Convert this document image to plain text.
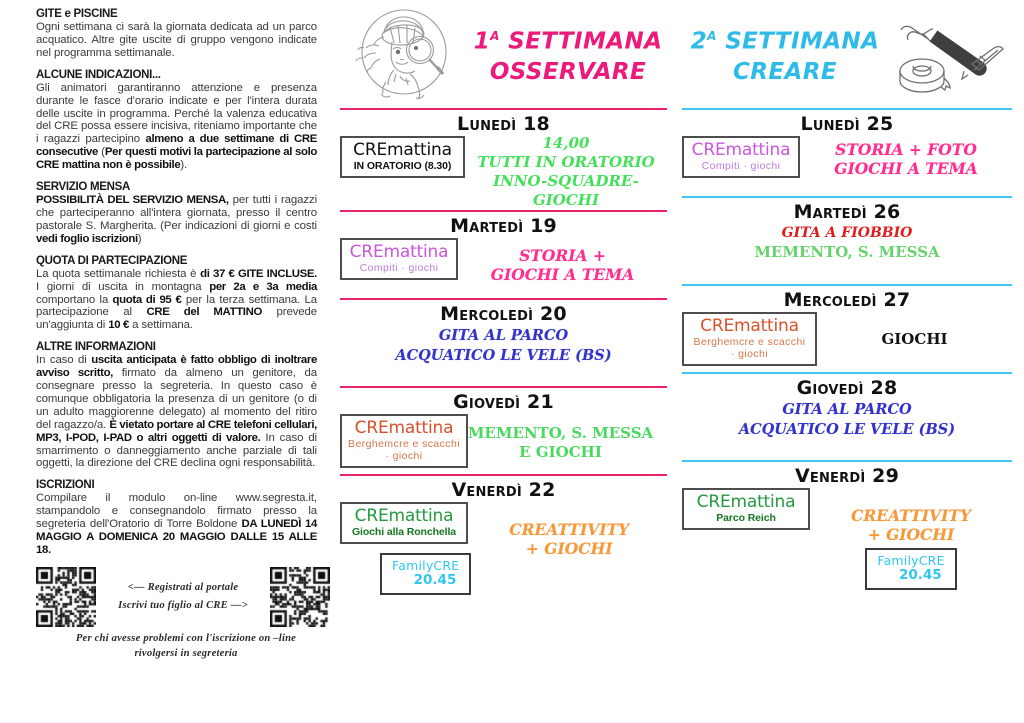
GITE e PISCINE
Ogni settimana ci sarà la giornata dedicata ad un parco acquatico. Altre gite uscite di gruppo vengono indicate nel programma settimanale.
ALCUNE INDICAZIONI...
Gli animatori garantiranno attenzione e presenza durante le fasce d'orario indicate e per l'intera durata delle uscite in programma. Perché la valenza educativa del CRE possa essere incisiva, riteniamo importante che i ragazzi partecipino almeno a due settimane di CRE consecutive (Per questi motivi la partecipazione al solo CRE mattina non è possibile).
SERVIZIO MENSA
POSSIBILITÀ DEL SERVIZIO MENSA, per tutti i ragazzi che parteciperanno all'intera giornata, presso il centro pastorale S. Margherita. (Per indicazioni di giorni e costi vedi foglio iscrizioni)
QUOTA DI PARTECIPAZIONE
La quota settimanale richiesta è di 37 € GITE INCLUSE. I giorni di uscita in montagna per 2a e 3a media comportano la quota di 95 € per la terza settimana. La partecipazione al CRE del MATTINO prevede un'aggiunta di 10 € a settimana.
ALTRE INFORMAZIONI
In caso di uscita anticipata è fatto obbligo di inoltrare avviso scritto, firmato da almeno un genitore, da consegnare presso la segreteria. In questo caso è comunque obbligatoria la presenza di un genitore (o di un adulto maggiorenne delegato) al momento del ritiro del ragazzo/a. È vietato portare al CRE telefoni cellulari, MP3, I-POD, I-PAD o altri oggetti di valore. In caso di smarrimento o danneggiamento anche parziale di tali oggetti, la direzione del CRE declina ogni responsabilità.
ISCRIZIONI
Compilare il modulo on-line www.segresta.it, stampandolo e consegnandolo firmato presso la segreteria dell'Oratorio di Torre Boldone DA LUNEDÌ 14 MAGGIO A DOMENICA 20 MAGGIO DALLE 15 ALLE 18.
<— Registrati al portale
Iscrivi tuo figlio al CRE —>
Per chi avesse problemi con l'iscrizione on –line
rivolgersi in segreteria
$1^A$ SETTIMANA
OSSERVARE
Lunedì 18
CREmattina
IN ORATORIO (8.30)
14,00
TUTTI IN ORATORIO
INNO-SQUADRE-
GIOCHI
Martedì 19
CREmattina
Compiti · giochi
STORIA +
GIOCHI A TEMA
Mercoledì 20
GITA AL PARCO
ACQUATICO LE VELE (BS)
Giovedì 21
CREmattina
Berghemcre e scacchi
· giochi
MEMENTO, S. MESSA
E GIOCHI
Venerdì 22
CREmattina
Giochi alla Ronchella
FamilyCRE
20.45
CREATTIVITY
+ GIOCHI
$2^A$ SETTIMANA
CREARE
Lunedì 25
CREmattina
Compiti · giochi
STORIA + FOTO
GIOCHI A TEMA
Martedì 26
GITA A FIOBBIO
MEMENTO, S. MESSA
Mercoledì 27
CREmattina
Berghemcre e scacchi
· giochi
GIOCHI
Giovedì 28
GITA AL PARCO
ACQUATICO LE VELE (BS)
Venerdì 29
CREmattina
Parco Reich	CREATTIVITY
+ GIOCHI
FamilyCRE
20.45
